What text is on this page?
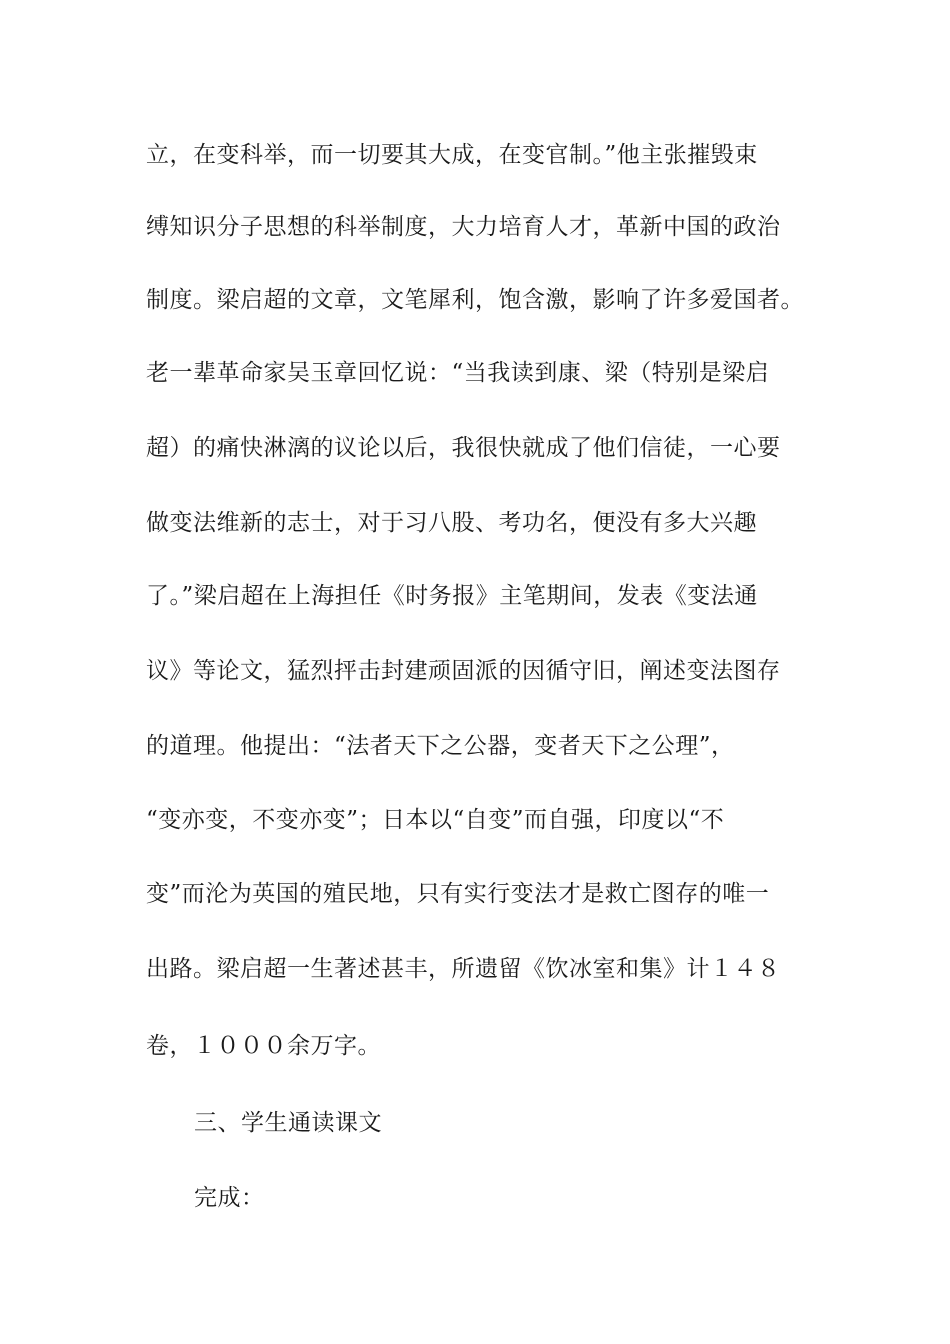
立，在变科举，而一切要其大成，在变官制。”他主张摧毁束
缚知识分子思想的科举制度，大力培育人才，革新中国的政治
制度。梁启超的文章，文笔犀利，饱含激，影响了许多爱国者。
老一辈革命家吴玉章回忆说：“当我读到康、梁（特别是梁启
超）的痛快淋漓的议论以后，我很快就成了他们信徒，一心要
做变法维新的志士，对于习八股、考功名，便没有多大兴趣
了。”梁启超在上海担任《时务报》主笔期间，发表《变法通
议》等论文，猛烈抨击封建顽固派的因循守旧，阐述变法图存
的道理。他提出：“法者天下之公器，变者天下之公理”，
“变亦变，不变亦变”；日本以“自变”而自强，印度以“不
变”而沦为英国的殖民地，只有实行变法才是救亡图存的唯一
出路。梁启超一生著述甚丰，所遗留《饮冰室和集》计１４８
卷，１０００余万字。
三、学生通读课文
完成：
